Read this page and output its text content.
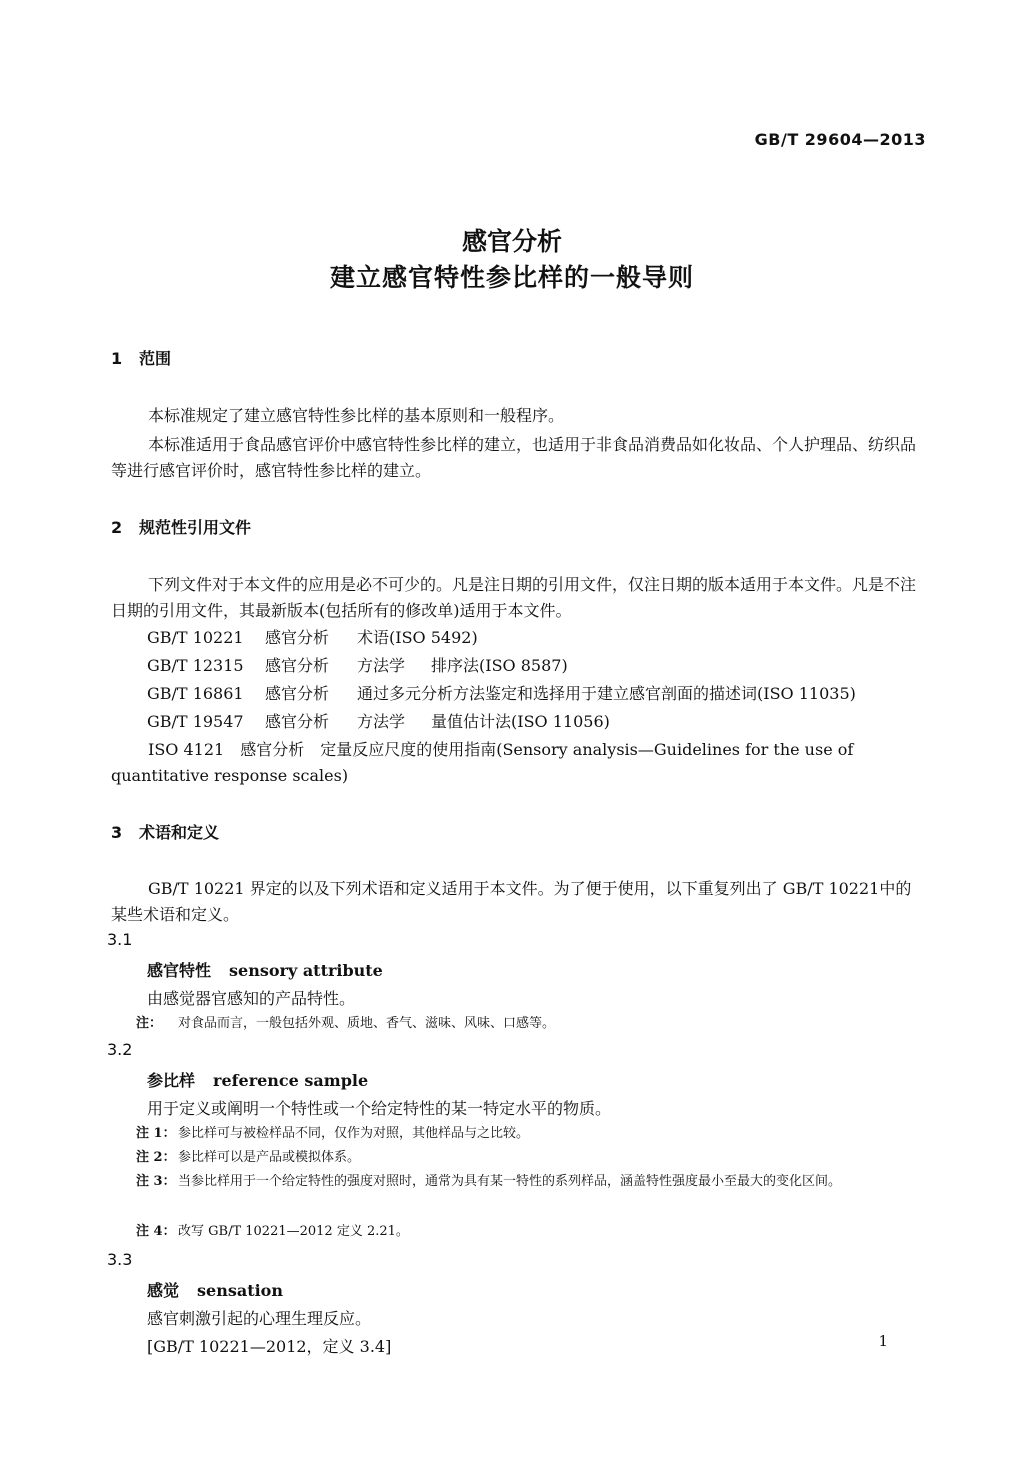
GB/T 29604—2013
感官分析
建立感官特性参比样的一般导则
1 范围
本标准规定了建立感官特性参比样的基本原则和一般程序。
本标准适用于食品感官评价中感官特性参比样的建立，也适用于非食品消费品如化妆品、个人护理品、纺织品等进行感官评价时，感官特性参比样的建立。
2 规范性引用文件
下列文件对于本文件的应用是必不可少的。凡是注日期的引用文件，仅注日期的版本适用于本文件。凡是不注日期的引用文件，其最新版本(包括所有的修改单)适用于本文件。
GB/T 10221 感官分析 术语(ISO 5492)
GB/T 12315 感官分析 方法学 排序法(ISO 8587)
GB/T 16861 感官分析 通过多元分析方法鉴定和选择用于建立感官剖面的描述词(ISO 11035)
GB/T 19547 感官分析 方法学 量值估计法(ISO 11056)
ISO 4121　感官分析　定量反应尺度的使用指南(Sensory analysis—Guidelines for the use of quantitative response scales)
3 术语和定义
GB/T 10221 界定的以及下列术语和定义适用于本文件。为了便于使用，以下重复列出了 GB/T 10221中的某些术语和定义。
3.1
感官特性 sensory attribute
由感觉器官感知的产品特性。
注： 对食品而言，一般包括外观、质地、香气、滋味、风味、口感等。
3.2
参比样 reference sample
用于定义或阐明一个特性或一个给定特性的某一特定水平的物质。
注 1： 参比样可与被检样品不同，仅作为对照，其他样品与之比较。
注 2： 参比样可以是产品或模拟体系。
注 3： 当参比样用于一个给定特性的强度对照时，通常为具有某一特性的系列样品，涵盖特性强度最小至最大的变化区间。
注 4： 改写 GB/T 10221—2012 定义 2.21。
3.3
感觉 sensation
感官刺激引起的心理生理反应。
[GB/T 10221—2012，定义 3.4]	1
